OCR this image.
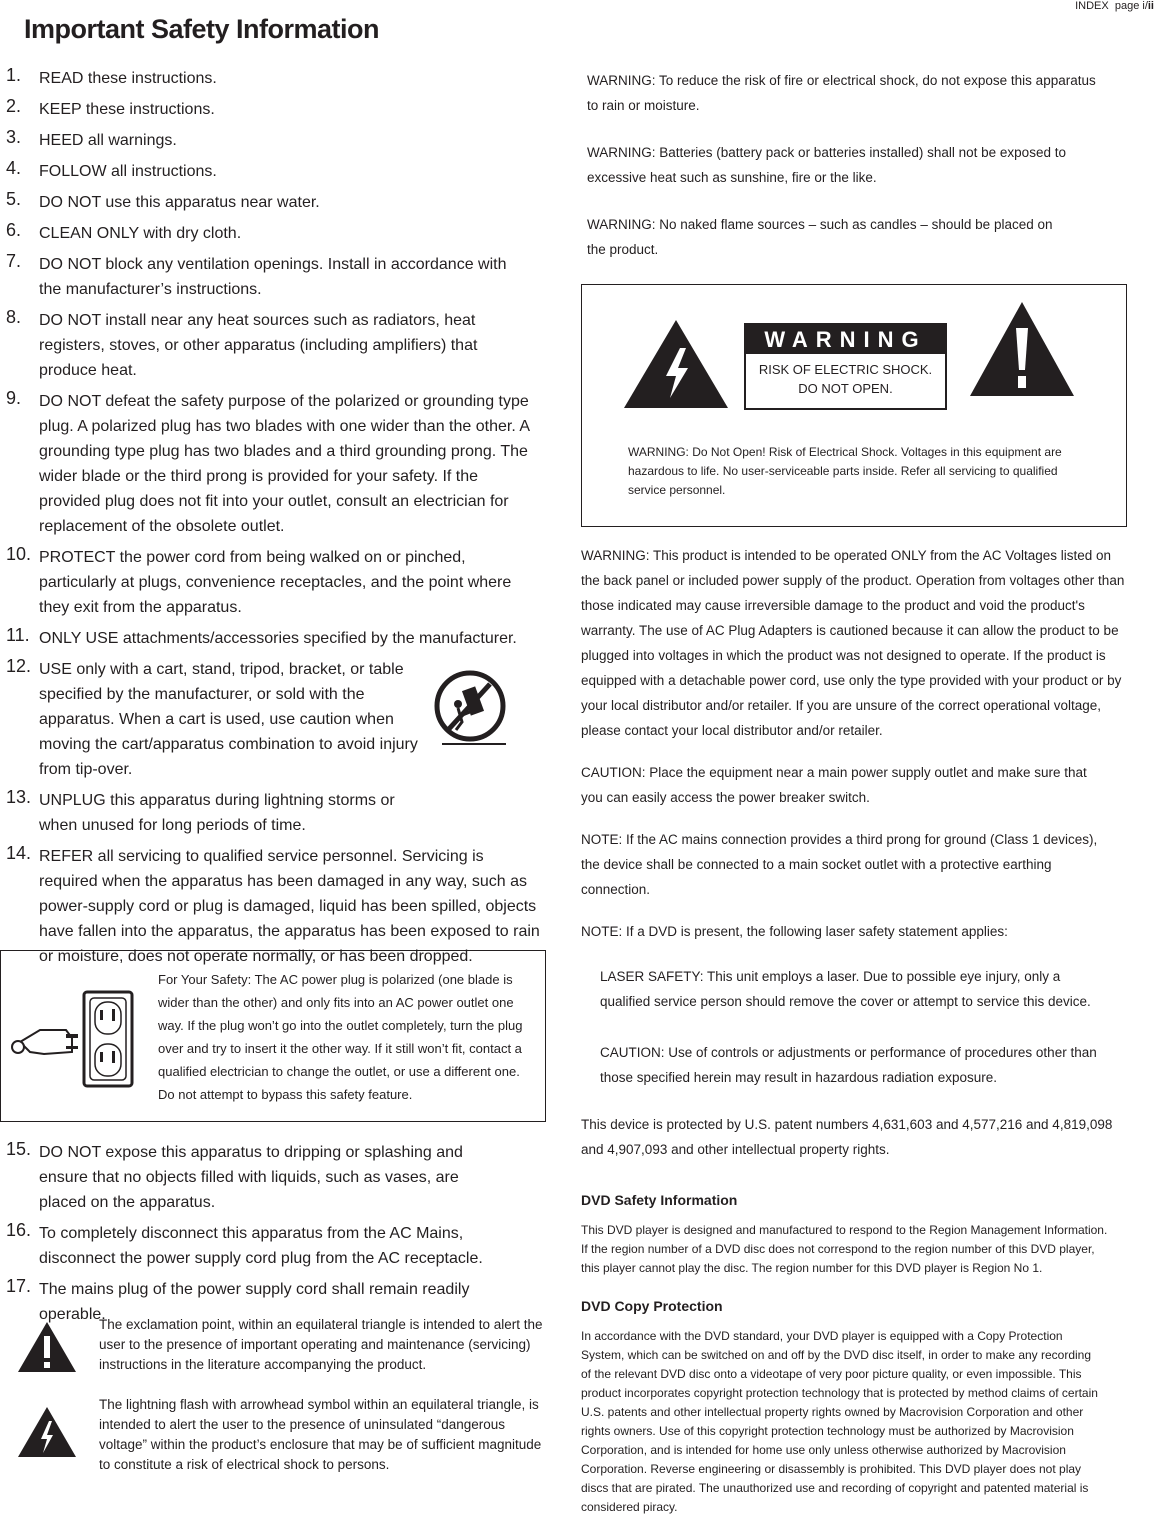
INDEX page i/ii
Important Safety Information
1.	READ these instructions.
2.	KEEP these instructions.
3.	HEED all warnings.
4.	FOLLOW all instructions.
5.	DO NOT use this apparatus near water.
6.	CLEAN ONLY with dry cloth.
7.	DO NOT block any ventilation openings. Install in accordance with the manufacturer’s instructions.
8.	DO NOT install near any heat sources such as radiators, heat registers, stoves, or other apparatus (including amplifiers) that produce heat.
9.	DO NOT defeat the safety purpose of the polarized or grounding type plug. A polarized plug has two blades with one wider than the other. A grounding type plug has two blades and a third grounding prong. The wider blade or the third prong is provided for your safety. If the provided plug does not fit into your outlet, consult an electrician for replacement of the obsolete outlet.
10. PROTECT the power cord from being walked on or pinched, particularly at plugs, convenience receptacles, and the point where they exit from the apparatus.
11. ONLY USE attachments/accessories specified by the manufacturer.
12. USE only with a cart, stand, tripod, bracket, or table specified by the manufacturer, or sold with the apparatus. When a cart is used, use caution when moving the cart/apparatus combination to avoid injury from tip-over.
13. UNPLUG this apparatus during lightning storms or when unused for long periods of time.
14. REFER all servicing to qualified service personnel. Servicing is required when the apparatus has been damaged in any way, such as power-supply cord or plug is damaged, liquid has been spilled, objects have fallen into the apparatus, the apparatus has been exposed to rain or moisture, does not operate normally, or has been dropped.
For Your Safety: The AC power plug is polarized (one blade is wider than the other) and only fits into an AC power outlet one way. If the plug won’t go into the outlet completely, turn the plug over and try to insert it the other way. If it still won’t fit, contact a qualified electrician to change the outlet, or use a different one. Do not attempt to bypass this safety feature.
15. DO NOT expose this apparatus to dripping or splashing and ensure that no objects filled with liquids, such as vases, are placed on the apparatus.
16. To completely disconnect this apparatus from the AC Mains, disconnect the power supply cord plug from the AC receptacle.
17. The mains plug of the power supply cord shall remain readily operable.
The exclamation point, within an equilateral triangle is intended to alert the user to the presence of important operating and maintenance (servicing) instructions in the literature accompanying the product.
The lightning flash with arrowhead symbol within an equilateral triangle, is intended to alert the user to the presence of uninsulated “dangerous voltage” within the product’s enclosure that may be of sufficient magnitude to constitute a risk of electrical shock to persons.

WARNING: To reduce the risk of fire or electrical shock, do not expose this apparatus to rain or moisture.

WARNING: Batteries (battery pack or batteries installed) shall not be exposed to excessive heat such as sunshine, fire or the like.

WARNING: No naked flame sources – such as candles – should be placed on the product.

WARNING
RISK OF ELECTRIC SHOCK.
DO NOT OPEN.
WARNING: Do Not Open! Risk of Electrical Shock. Voltages in this equipment are hazardous to life. No user-serviceable parts inside. Refer all servicing to qualified service personnel.

WARNING: This product is intended to be operated ONLY from the AC Voltages listed on the back panel or included power supply of the product. Operation from voltages other than those indicated may cause irreversible damage to the product and void the product's warranty. The use of AC Plug Adapters is cautioned because it can allow the product to be plugged into voltages in which the product was not designed to operate. If the product is equipped with a detachable power cord, use only the type provided with your product or by your local distributor and/or retailer. If you are unsure of the correct operational voltage, please contact your local distributor and/or retailer.

CAUTION: Place the equipment near a main power supply outlet and make sure that you can easily access the power breaker switch.

NOTE: If the AC mains connection provides a third prong for ground (Class 1 devices), the device shall be connected to a main socket outlet with a protective earthing connection.

NOTE: If a DVD is present, the following laser safety statement applies:

LASER SAFETY: This unit employs a laser. Due to possible eye injury, only a qualified service person should remove the cover or attempt to service this device.

CAUTION: Use of controls or adjustments or performance of procedures other than those specified herein may result in hazardous radiation exposure.

This device is protected by U.S. patent numbers 4,631,603 and 4,577,216 and 4,819,098 and 4,907,093 and other intellectual property rights.

DVD Safety Information

This DVD player is designed and manufactured to respond to the Region Management Information. If the region number of a DVD disc does not correspond to the region number of this DVD player, this player cannot play the disc. The region number for this DVD player is Region No 1.

DVD Copy Protection

In accordance with the DVD standard, your DVD player is equipped with a Copy Protection System, which can be switched on and off by the DVD disc itself, in order to make any recording of the relevant DVD disc onto a videotape of very poor picture quality, or even impossible. This product incorporates copyright protection technology that is protected by method claims of certain U.S. patents and other intellectual property rights owned by Macrovision Corporation and other rights owners. Use of this copyright protection technology must be authorized by Macrovision Corporation, and is intended for home use only unless otherwise authorized by Macrovision Corporation. Reverse engineering or disassembly is prohibited. This DVD player does not play discs that are pirated. The unauthorized use and recording of copyright and patented material is considered piracy.
